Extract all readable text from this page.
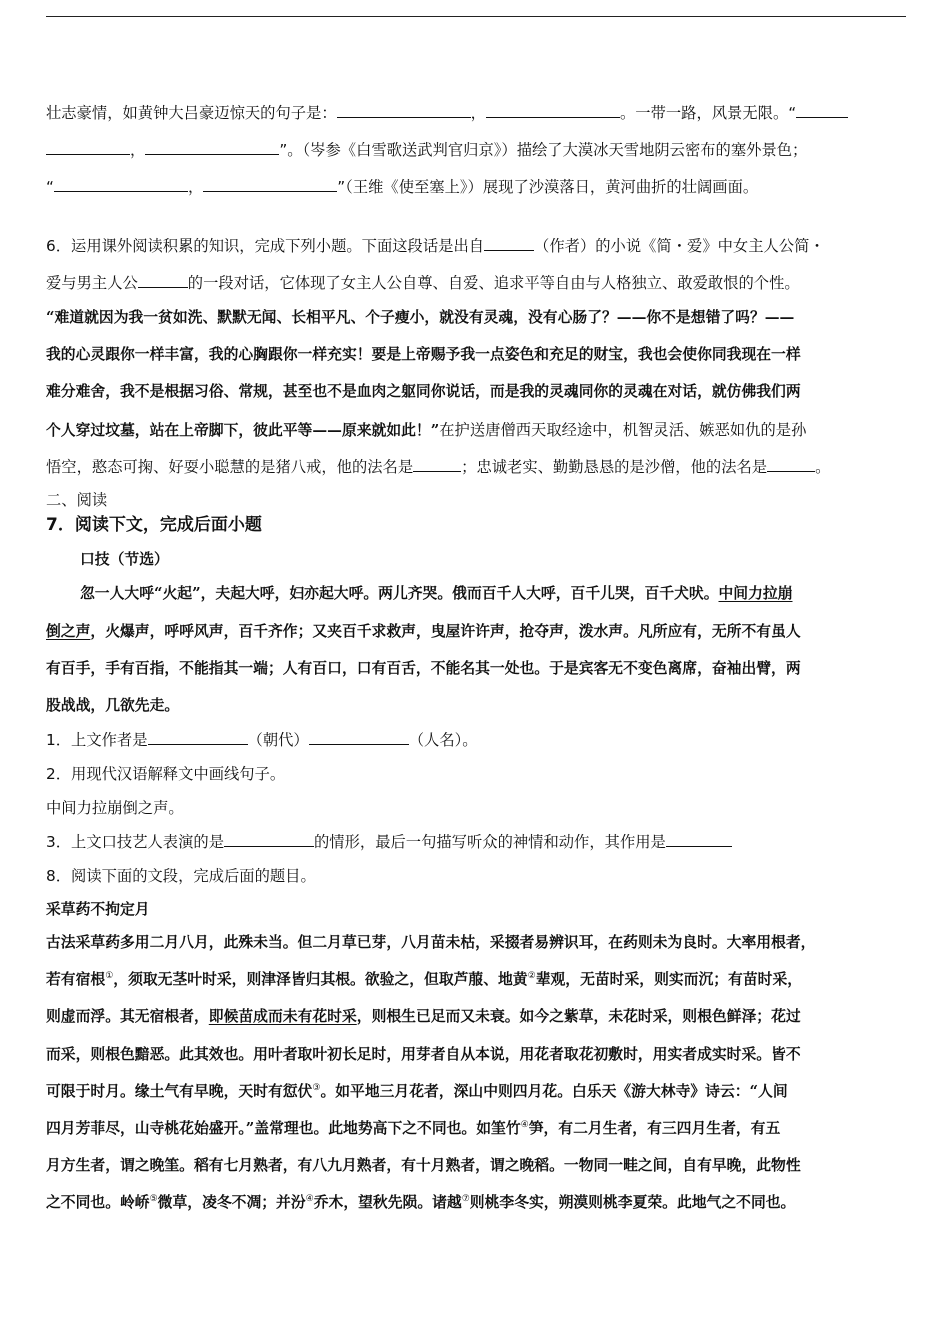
壮志豪情，如黄钟大吕豪迈惊天的句子是：	，	。一带一路，风景无限。“
，	”。（岑参《白雪歌送武判官归京》）描绘了大漠冰天雪地阴云密布的塞外景色；
“	，	”（王维《使至塞上》）展现了沙漠落日，黄河曲折的壮阔画面。
6．运用课外阅读积累的知识，完成下列小题。下面这段话是出自	（作者）的小说《简・爱》中女主人公简・
爱与男主人公	的一段对话，它体现了女主人公自尊、自爱、追求平等自由与人格独立、敢爱敢恨的个性。
“难道就因为我一贫如洗、默默无闻、长相平凡、个子瘦小，就没有灵魂，没有心肠了？——你不是想错了吗？——
我的心灵跟你一样丰富，我的心胸跟你一样充实！要是上帝赐予我一点姿色和充足的财宝，我也会使你同我现在一样
难分难舍，我不是根据习俗、常规，甚至也不是血肉之躯同你说话，而是我的灵魂同你的灵魂在对话，就仿佛我们两
个人穿过坟墓，站在上帝脚下，彼此平等——原来就如此！”在护送唐僧西天取经途中，机智灵活、嫉恶如仇的是孙
悟空，憨态可掬、好耍小聪慧的是猪八戒，他的法名是	；忠诚老实、勤勤恳恳的是沙僧，他的法名是	。
二、阅读
7．阅读下文，完成后面小题
口技（节选）
忽一人大呼“火起”，夫起大呼，妇亦起大呼。两儿齐哭。俄而百千人大呼，百千儿哭，百千犬吠。中间力拉崩
倒之声，火爆声，呼呼风声，百千齐作；又夹百千求救声，曳屋许许声，抢夺声，泼水声。凡所应有，无所不有虽人
有百手，手有百指，不能指其一端；人有百口，口有百舌，不能名其一处也。于是宾客无不变色离席，奋袖出臂，两
股战战，几欲先走。
1．上文作者是	（朝代）	（人名）。
2．用现代汉语解释文中画线句子。
中间力拉崩倒之声。
3．上文口技艺人表演的是	的情形，最后一句描写听众的神情和动作，其作用是
8．阅读下面的文段，完成后面的题目。
采草药不拘定月
古法采草药多用二月八月，此殊未当。但二月草已芽，八月苗未枯，采掇者易辨识耳，在药则未为良时。大率用根者，
若有宿根①，须取无茎叶时采，则津泽皆归其根。欲验之，但取芦菔、地黄②辈观，无苗时采，则实而沉；有苗时采，
则虚而浮。其无宿根者，即候苗成而未有花时采，则根生已足而又未衰。如今之紫草，未花时采，则根色鲜泽；花过
而采，则根色黯恶。此其效也。用叶者取叶初长足时，用芽者自从本说，用花者取花初敷时，用实者成实时采。皆不
可限于时月。缘土气有早晚，天时有愆伏③。如平地三月花者，深山中则四月花。白乐天《游大林寺》诗云：“人间
四月芳菲尽，山寺桃花始盛开。”盖常理也。此地势高下之不同也。如筀竹④笋，有二月生者，有三四月生者，有五
月方生者，谓之晚筀。稻有七月熟者，有八九月熟者，有十月熟者，谓之晚稻。一物同一畦之间，自有早晚，此物性
之不同也。岭峤⑤微草，凌冬不凋；并汾④乔木，望秋先陨。诸越⑦则桃李冬实，朔漠则桃李夏荣。此地气之不同也。
